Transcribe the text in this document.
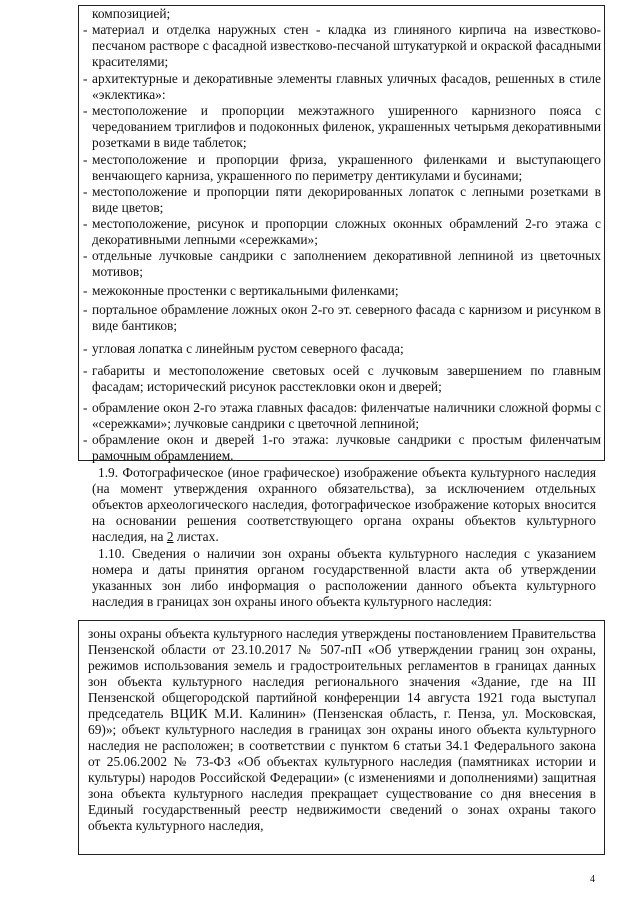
композицией;
- материал и отделка наружных стен - кладка из глиняного кирпича на известково-песчаном растворе с фасадной известково-песчаной штукатуркой и окраской фасадными красителями;
- архитектурные и декоративные элементы главных уличных фасадов, решенных в стиле «эклектика»:
- местоположение и пропорции межэтажного уширенного карнизного пояса с чередованием триглифов и подоконных филенок, украшенных четырьмя декоративными розетками в виде таблеток;
- местоположение и пропорции фриза, украшенного филенками и выступающего венчающего карниза, украшенного по периметру дентикулами и бусинами;
- местоположение и пропорции пяти декорированных лопаток с лепными розетками в виде цветов;
- местоположение, рисунок и пропорции сложных оконных обрамлений 2-го этажа с декоративными лепными «сережками»;
- отдельные лучковые сандрики с заполнением декоративной лепниной из цветочных мотивов;
- межоконные простенки с вертикальными филенками;
- портальное обрамление ложных окон 2-го эт. северного фасада с карнизом и рисунком в виде бантиков;
- угловая лопатка с линейным рустом северного фасада;
- габариты и местоположение световых осей с лучковым завершением по главным фасадам; исторический рисунок расстекловки окон и дверей;
- обрамление окон 2-го этажа главных фасадов: филенчатые наличники сложной формы с «сережками»; лучковые сандрики с цветочной лепниной;
- обрамление окон и дверей 1-го этажа: лучковые сандрики с простым филенчатым рамочным обрамлением.
1.9. Фотографическое (иное графическое) изображение объекта культурного наследия (на момент утверждения охранного обязательства), за исключением отдельных объектов археологического наследия, фотографическое изображение которых вносится на основании решения соответствующего органа охраны объектов культурного наследия, на 2 листах.
1.10. Сведения о наличии зон охраны объекта культурного наследия с указанием номера и даты принятия органом государственной власти акта об утверждении указанных зон либо информация о расположении данного объекта культурного наследия в границах зон охраны иного объекта культурного наследия:
зоны охраны объекта культурного наследия утверждены постановлением Правительства Пензенской области от 23.10.2017 № 507-пП «Об утверждении границ зон охраны, режимов использования земель и градостроительных регламентов в границах данных зон объекта культурного наследия регионального значения «Здание, где на III Пензенской общегородской партийной конференции 14 августа 1921 года выступал председатель ВЦИК М.И. Калинин» (Пензенская область, г. Пенза, ул. Московская, 69)»; объект культурного наследия в границах зон охраны иного объекта культурного наследия не расположен; в соответствии с пунктом 6 статьи 34.1 Федерального закона от 25.06.2002 № 73-ФЗ «Об объектах культурного наследия (памятниках истории и культуры) народов Российской Федерации» (с изменениями и дополнениями) защитная зона объекта культурного наследия прекращает существование со дня внесения в Единый государственный реестр недвижимости сведений о зонах охраны такого объекта культурного наследия,
4
